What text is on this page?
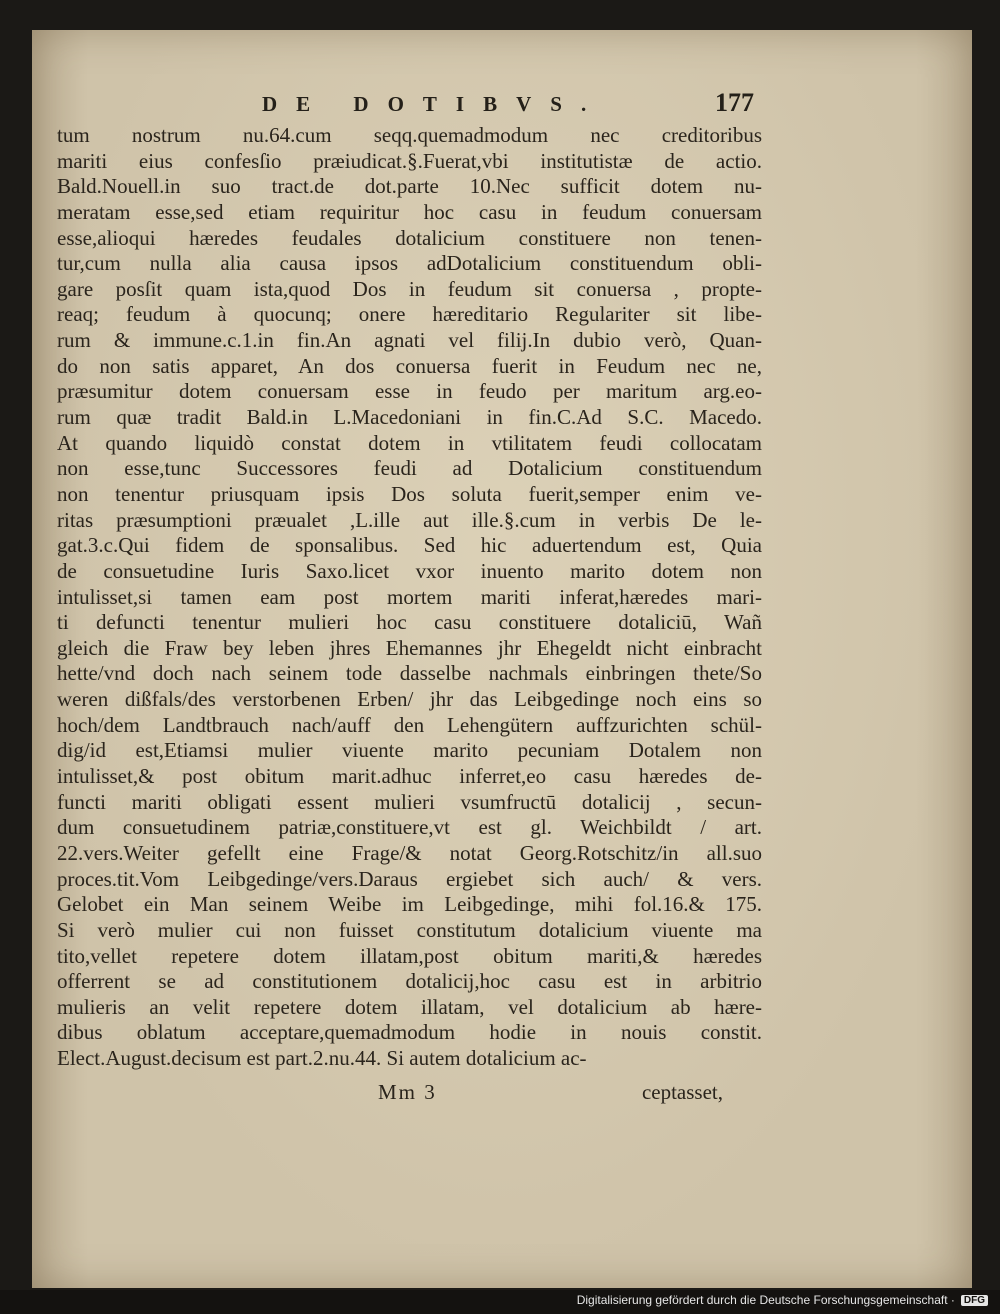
DE DOTIBVS.	177
tum nostrum nu.64.cum seqq.quemadmodum nec creditoribus
mariti eius confesſio præiudicat.§.Fuerat,vbi institutistæ de actio.
Bald.Nouell.in suo tract.de dot.parte 10.Nec sufficit dotem nu-
meratam esse,sed etiam requiritur hoc casu in feudum conuersam
esse,alioqui hæredes feudales dotalicium constituere non tenen-
tur,cum nulla alia causa ipsos adDotalicium constituendum obli-
gare posſit quam ista,quod Dos in feudum sit conuersa , propte-
reaq; feudum à quocunq; onere hæreditario Regulariter sit libe-
rum & immune.c.1.in fin.An agnati vel filij.In dubio verò, Quan-
do non satis apparet, An dos conuersa fuerit in Feudum nec ne,
præsumitur dotem conuersam esse in feudo per maritum arg.eo-
rum quæ tradit Bald.in L.Macedoniani in fin.C.Ad S.C. Macedo.
At quando liquidò constat dotem in vtilitatem feudi collocatam
non esse,tunc Successores feudi ad Dotalicium constituendum
non tenentur priusquam ipsis Dos soluta fuerit,semper enim ve-
ritas præsumptioni præualet ,L.ille aut ille.§.cum in verbis De le-
gat.3.c.Qui fidem de sponsalibus. Sed hic aduertendum est, Quia
de consuetudine Iuris Saxo.licet vxor inuento marito dotem non
intulisset,si tamen eam post mortem mariti inferat,hæredes mari-
ti defuncti tenentur mulieri hoc casu constituere dotaliciū, Wañ
gleich die Fraw bey leben jhres Ehemannes jhr Ehegeldt nicht einbracht
hette/vnd doch nach seinem tode dasselbe nachmals einbringen thete/So
weren dißfals/des verstorbenen Erben/ jhr das Leibgedinge noch eins so
hoch/dem Landtbrauch nach/auff den Lehengütern auffzurichten schül-
dig/id est,Etiamsi mulier viuente marito pecuniam Dotalem non
intulisset,& post obitum marit.adhuc inferret,eo casu hæredes de-
functi mariti obligati essent mulieri vsumfructū dotalicij , secun-
dum consuetudinem patriæ,constituere,vt est gl. Weichbildt / art.
22.vers.Weiter gefellt eine Frage/& notat Georg.Rotschitz/in all.suo
proces.tit.Vom Leibgedinge/vers.Daraus ergiebet sich auch/ & vers.
Gelobet ein Man seinem Weibe im Leibgedinge, mihi fol.16.& 175.
Si verò mulier cui non fuisset constitutum dotalicium viuente ma
tito,vellet repetere dotem illatam,post obitum mariti,& hæredes
offerrent se ad constitutionem dotalicij,hoc casu est in arbitrio
mulieris an velit repetere dotem illatam, vel dotalicium ab hære-
dibus oblatum acceptare,quemadmodum hodie in nouis constit.
Elect.August.decisum est part.2.nu.44. Si autem dotalicium ac-
Mm 3	ceptasset,
Digitalisierung gefördert durch die Deutsche Forschungsgemeinschaft · DFG
